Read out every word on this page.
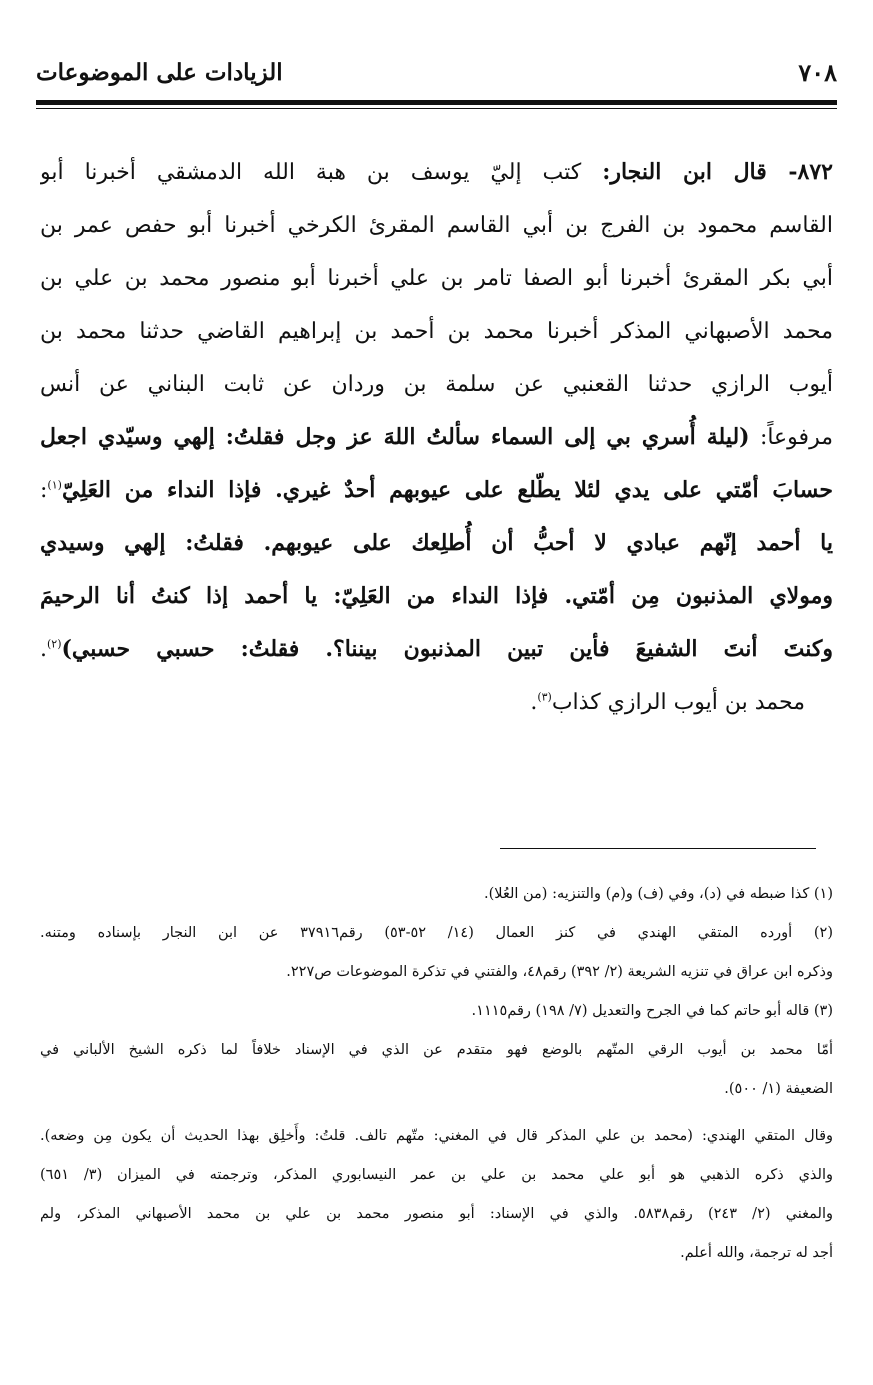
٧٠٨
الزيادات على الموضوعات
٨٧٢- قال ابن النجار: كتب إليّ يوسف بن هبة الله الدمشقي أخبرنا أبو
القاسم محمود بن الفرج بن أبي القاسم المقرئ الكرخي أخبرنا أبو حفص عمر بن
أبي بكر المقرئ أخبرنا أبو الصفا تامر بن علي أخبرنا أبو منصور محمد بن علي بن
محمد الأصبهاني المذكر أخبرنا محمد بن أحمد بن إبراهيم القاضي حدثنا محمد بن
أيوب الرازي حدثنا القعنبي عن سلمة بن وردان عن ثابت البناني عن أنس
مرفوعاً: (ليلة أُسري بي إلى السماء سألتُ اللهَ عز وجل فقلتُ: إلهي وسيّدي اجعل
حسابَ أمّتي على يدي لئلا يطّلع على عيوبهم أحدٌ غيري. فإذا النداء من العَلِيّ$^{(١)}$:
يا أحمد إنّهم عبادي لا أحبُّ أن أُطلِعك على عيوبهم. فقلتُ: إلهي وسيدي
ومولاي المذنبون مِن أمّتي. فإذا النداء من العَلِيّ: يا أحمد إذا كنتُ أنا الرحيمَ
وكنتَ أنتَ الشفيعَ فأين تبين المذنبون بيننا؟. فقلتُ: حسبي حسبي)$^{(٢)}$.
محمد بن أيوب الرازي كذاب$^{(٣)}$.
(١) كذا ضبطه في (د)، وفي (ف) و(م) والتنزيه: (من العُلا).
(٢) أورده المتقي الهندي في كنز العمال (١٤/ ٥٢-٥٣) رقم٣٧٩١٦ عن ابن النجار بإسناده ومتنه.
وذكره ابن عراق في تنزيه الشريعة (٢/ ٣٩٢) رقم٤٨، والفتني في تذكرة الموضوعات ص٢٢٧.
(٣) قاله أبو حاتم كما في الجرح والتعديل (٧/ ١٩٨) رقم١١١٥.
أمّا محمد بن أيوب الرقي المتّهم بالوضع فهو متقدم عن الذي في الإسناد خلافاً لما ذكره الشيخ الألباني في
الضعيفة (١/ ٥٠٠).
وقال المتقي الهندي: (محمد بن علي المذكر قال في المغني: متّهم تالف. قلتُ: وأَخلِق بهذا الحديث أن يكون مِن وضعه).
والذي ذكره الذهبي هو أبو علي محمد بن علي بن عمر النيسابوري المذكر، وترجمته في الميزان (٣/ ٦٥١)
والمغني (٢/ ٢٤٣) رقم٥٨٣٨. والذي في الإسناد: أبو منصور محمد بن علي بن محمد الأصبهاني المذكر، ولم
أجد له ترجمة، والله أعلم.
